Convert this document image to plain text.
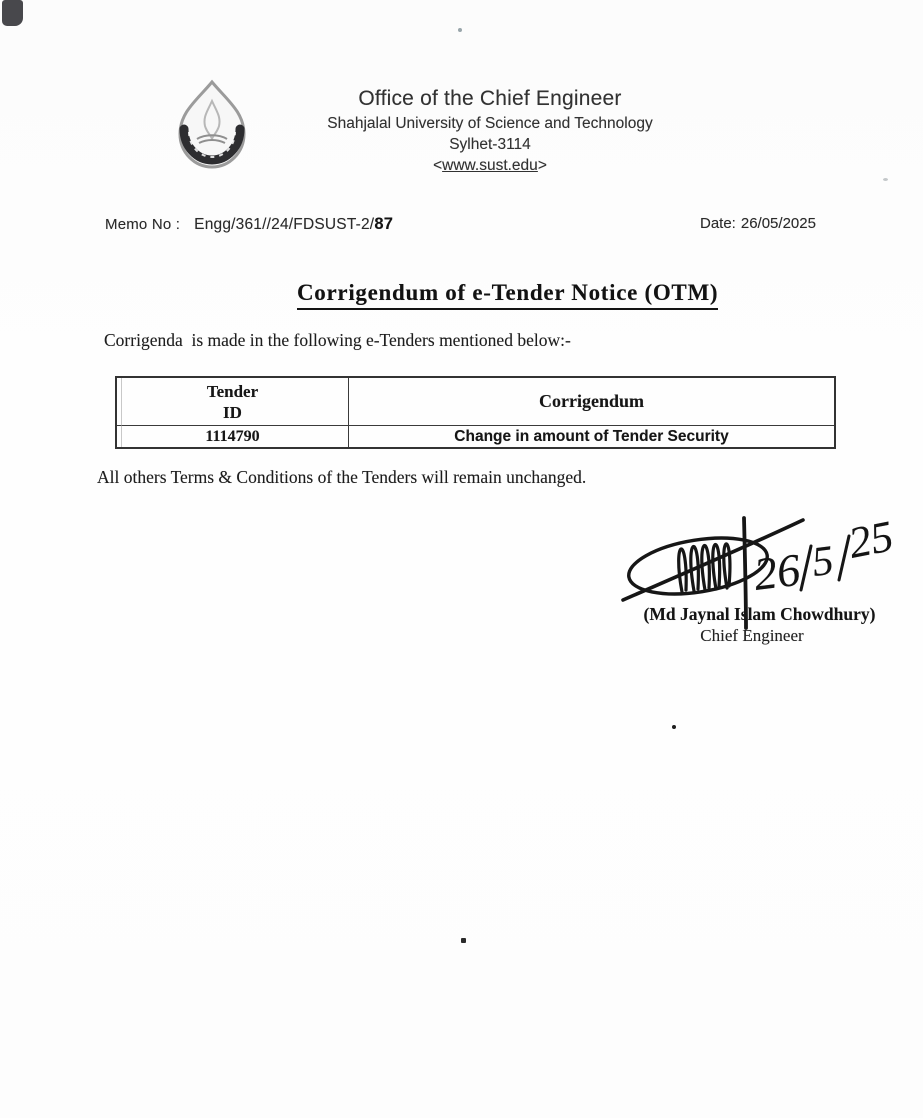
Office of the Chief Engineer
Shahjalal University of Science and Technology
Sylhet-3114
<www.sust.edu>
Memo No : Engg/361//24/FDSUST-2/87	Date: 26/05/2025
Corrigendum of e-Tender Notice (OTM)
Corrigenda  is made in the following e-Tenders mentioned below:-
Tender
ID
Corrigendum
1114790	Change in amount of Tender Security
All others Terms & Conditions of the Tenders will remain unchanged.
26 5 25
(Md Jaynal Islam Chowdhury)
Chief Engineer
